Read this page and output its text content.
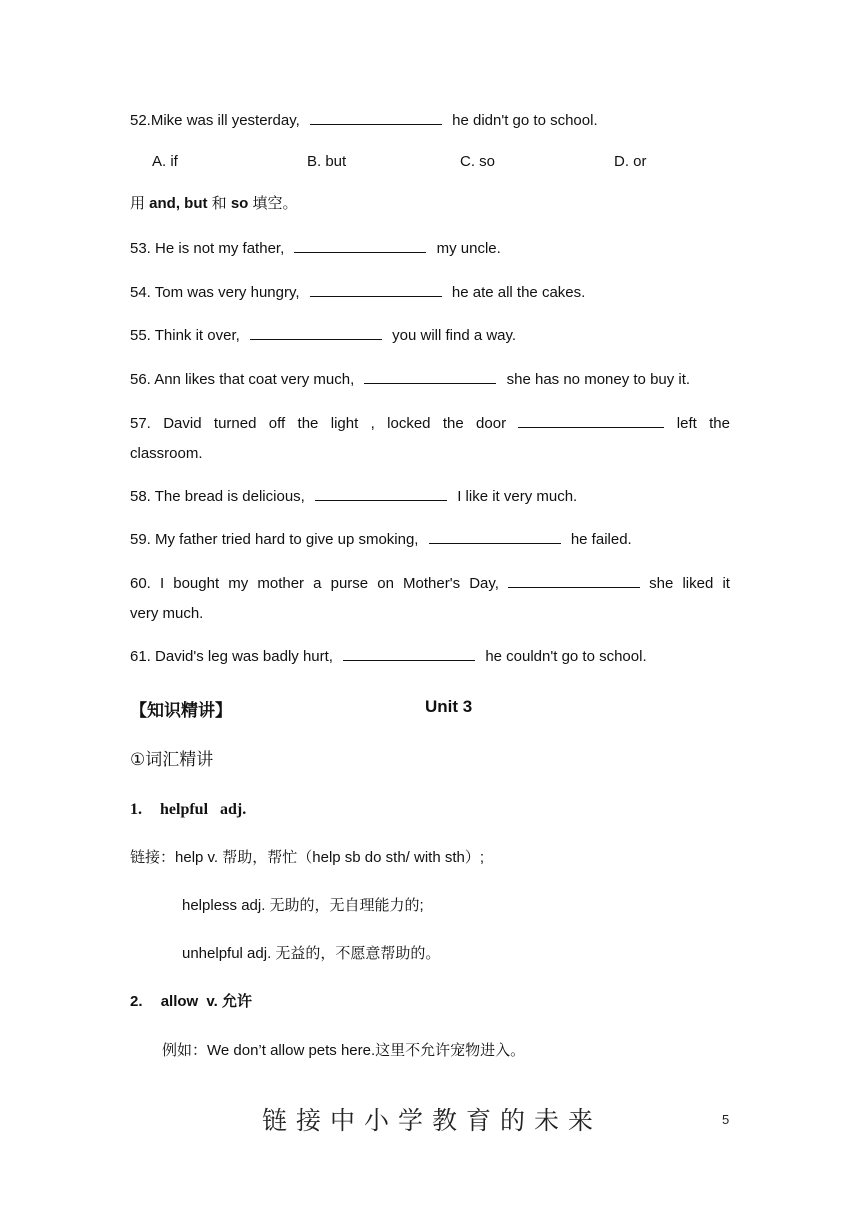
52.Mike was ill yesterday,	he didn't go to school.
A. if	B. but	C. so	D. or
用 and, but 和 so 填空。
53. He is not my father,	my uncle.
54. Tom was very hungry,	he ate all the cakes.
55. Think it over,	you will find a way.
56. Ann likes that coat very much,	she has no money to buy it.
57. David turned off the light , locked the door	left the
classroom.
58. The bread is delicious,	I like it very much.
59. My father tried hard to give up smoking,	he failed.
60. I bought my mother a purse on Mother's Day,	she liked it
very much.
61. David's leg was badly hurt,	he couldn't go to school.
【知识精讲】	Unit 3
①词汇精讲
1. helpful adj.
链接：help v. 帮助，帮忙（help sb do sth/ with sth）;
helpless adj. 无助的，无自理能力的;
unhelpful adj. 无益的，不愿意帮助的。
2. allow v. 允许
例如：We don’t allow pets here.这里不允许宠物进入。
链接中小学教育的未来	5
